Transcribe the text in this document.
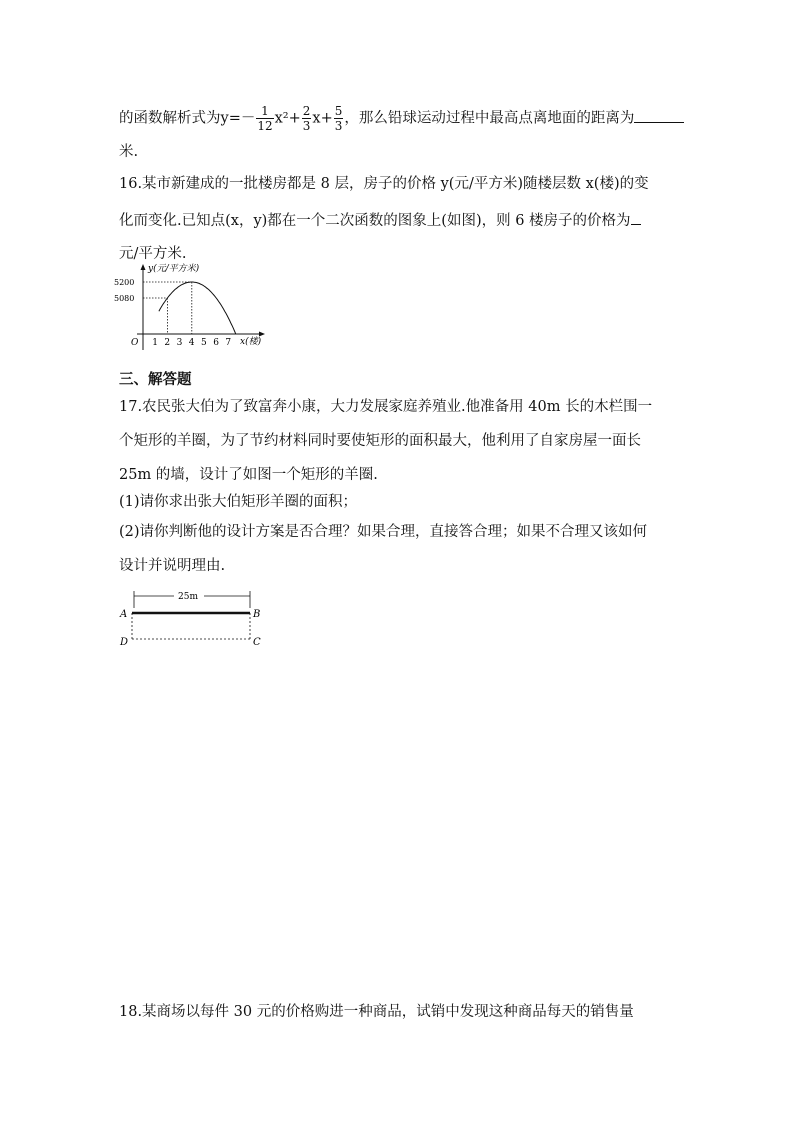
的函数解析式为$y=- \frac{1}{12} x^2+ \frac{2}{3} x+ \frac{5}{3}$ ，那么铅球运动过程中最高点离地面的距离为
米.
16.某市新建成的一批楼房都是 8 层，房子的价格 y(元/平方米)随楼层数 x(楼)的变
化而变化.已知点(x，y)都在一个二次函数的图象上(如图)，则 6 楼房子的价格为
元/平方米.
y(元/平方米)
x(楼)
O 1 2 3 4 5 6 7
5200
5080
三、解答题
17.农民张大伯为了致富奔小康，大力发展家庭养殖业.他准备用 40m 长的木栏围一
个矩形的羊圈，为了节约材料同时要使矩形的面积最大，他利用了自家房屋一面长
25m 的墙，设计了如图一个矩形的羊圈.
(1)请你求出张大伯矩形羊圈的面积；
(2)请你判断他的设计方案是否合理？如果合理，直接答合理；如果不合理又该如何
设计并说明理由.
25m
A	B
D	C
18.某商场以每件 30 元的价格购进一种商品，试销中发现这种商品每天的销售量
